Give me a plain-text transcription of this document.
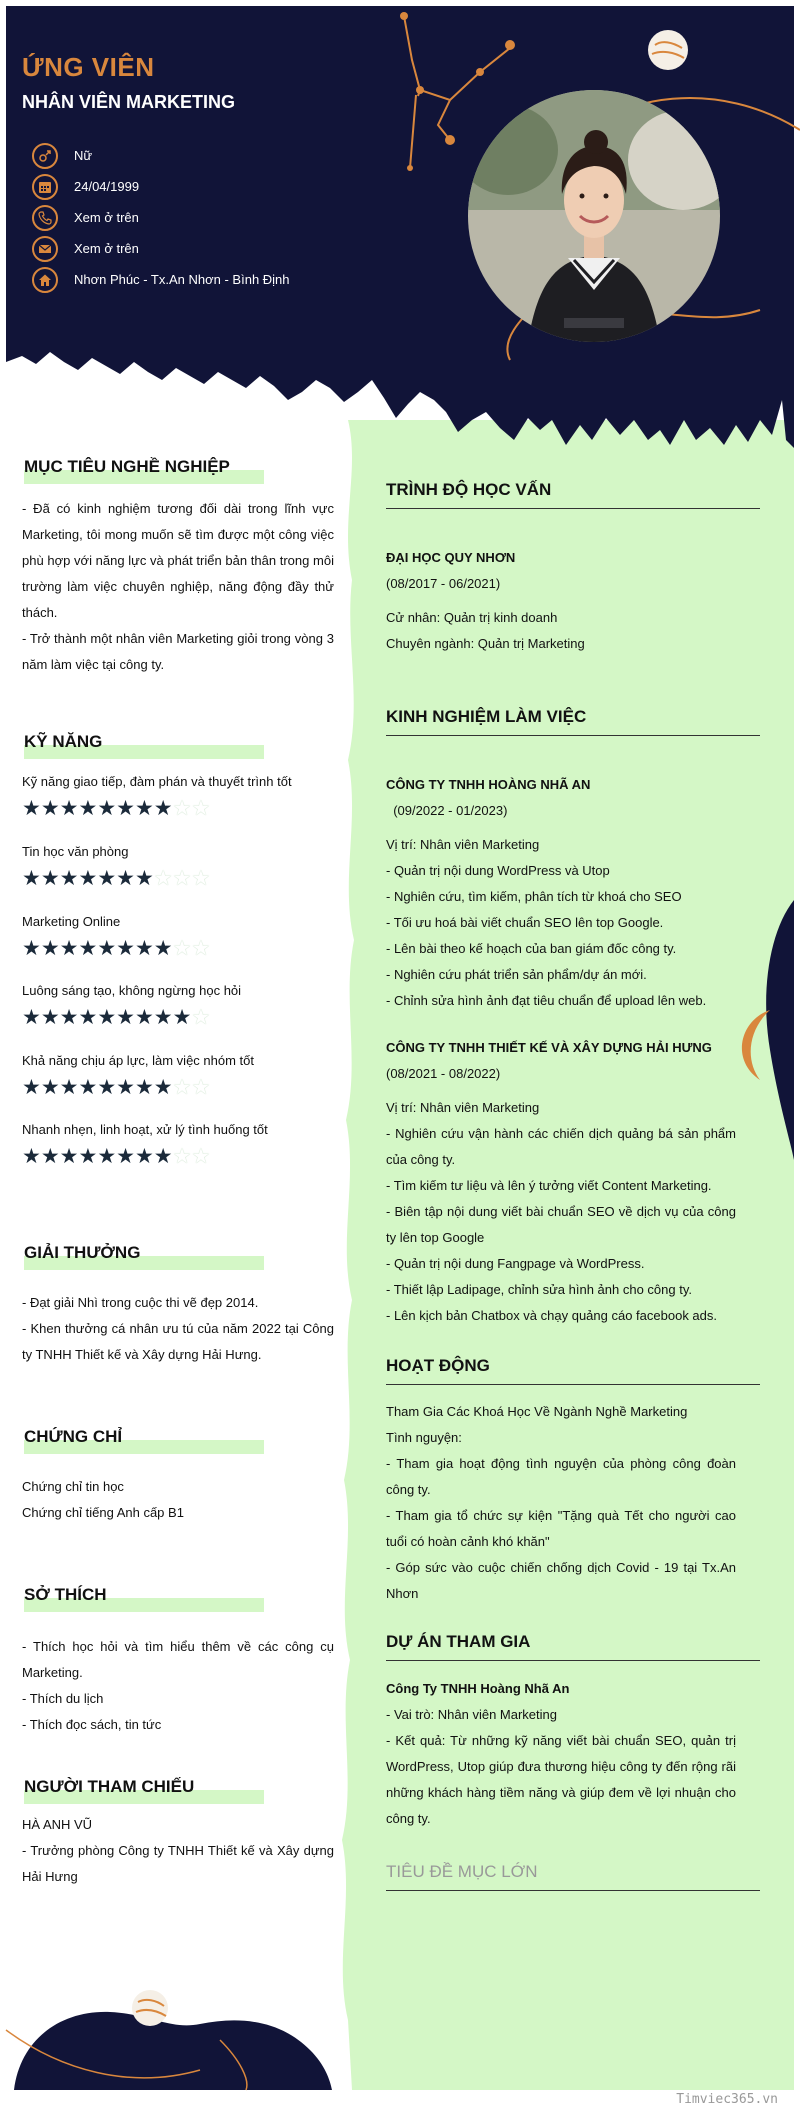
ỨNG VIÊN
NHÂN VIÊN MARKETING
Nữ
24/04/1999
Xem ở trên
Xem ở trên
Nhơn Phúc - Tx.An Nhơn - Bình Định
MỤC TIÊU NGHỀ NGHIỆP
- Đã có kinh nghiệm tương đối dài trong lĩnh vực Marketing, tôi mong muốn sẽ tìm được một công việc phù hợp với năng lực và phát triển bản thân trong môi trường làm việc chuyên nghiệp, năng động đầy thử thách.
- Trở thành một nhân viên Marketing giỏi trong vòng 3 năm làm việc tại công ty.
KỸ NĂNG
Kỹ năng giao tiếp, đàm phán và thuyết trình tốt
★ ★ ★ ★ ★ ★ ★ ★ ★ ★
Tin học văn phòng
★ ★ ★ ★ ★ ★ ★ ★ ★ ★
Marketing Online
★ ★ ★ ★ ★ ★ ★ ★ ★ ★
Luông sáng tạo, không ngừng học hỏi
★ ★ ★ ★ ★ ★ ★ ★ ★ ★
Khả năng chịu áp lực, làm việc nhóm tốt
★ ★ ★ ★ ★ ★ ★ ★ ★ ★
Nhanh nhẹn, linh hoạt, xử lý tình huống tốt
★ ★ ★ ★ ★ ★ ★ ★ ★ ★
GIẢI THƯỞNG
- Đạt giải Nhì trong cuộc thi vẽ đẹp 2014.
- Khen thưởng cá nhân ưu tú của năm 2022 tại Công ty TNHH Thiết kế và Xây dựng Hải Hưng.
CHỨNG CHỈ
Chứng chỉ tin học
Chứng chỉ tiếng Anh cấp B1
SỞ THÍCH
- Thích học hỏi và tìm hiểu thêm về các công cụ Marketing.
- Thích du lịch
- Thích đọc sách, tin tức
NGƯỜI THAM CHIẾU
HÀ ANH VŨ
- Trưởng phòng Công ty TNHH Thiết kế và Xây dựng Hải Hưng
TRÌNH ĐỘ HỌC VẤN
ĐẠI HỌC QUY NHƠN
(08/2017 - 06/2021)
Cử nhân: Quản trị kinh doanh
Chuyên ngành: Quản trị Marketing
KINH NGHIỆM LÀM VIỆC
CÔNG TY TNHH HOÀNG NHÃ AN
(09/2022 - 01/2023)
Vị trí: Nhân viên Marketing
- Quản trị nội dung WordPress và Utop
- Nghiên cứu, tìm kiếm, phân tích từ khoá cho SEO
- Tối ưu hoá bài viết chuẩn SEO lên top Google.
- Lên bài theo kế hoạch của ban giám đốc công ty.
- Nghiên cứu phát triển sản phẩm/dự án mới.
- Chỉnh sửa hình ảnh đạt tiêu chuẩn để upload lên web.
CÔNG TY TNHH THIẾT KẾ VÀ XÂY DỰNG HẢI HƯNG
(08/2021 - 08/2022)
Vị trí: Nhân viên Marketing
- Nghiên cứu vận hành các chiến dịch quảng bá sản phẩm của công ty.
- Tìm kiếm tư liệu và lên ý tưởng viết Content Marketing.
- Biên tập nội dung viết bài chuẩn SEO về dịch vụ của công ty lên top Google
- Quản trị nội dung Fangpage và WordPress.
- Thiết lập Ladipage, chỉnh sửa hình ảnh cho công ty.
- Lên kịch bản Chatbox và chạy quảng cáo facebook ads.
HOẠT ĐỘNG
Tham Gia Các Khoá Học Về Ngành Nghề Marketing
Tình nguyện:
- Tham gia hoạt động tình nguyện của phòng công đoàn công ty.
- Tham gia tổ chức sự kiện "Tặng quà Tết cho người cao tuổi có hoàn cảnh khó khăn"
- Góp sức vào cuộc chiến chống dịch Covid - 19 tại Tx.An Nhơn
DỰ ÁN THAM GIA
Công Ty TNHH Hoàng Nhã An
- Vai trò: Nhân viên Marketing
- Kết quả: Từ những kỹ năng viết bài chuẩn SEO, quản trị WordPress, Utop giúp đưa thương hiệu công ty đến rộng rãi những khách hàng tiềm năng và giúp đem về lợi nhuận cho công ty.
TIÊU ĐỀ MỤC LỚN
Timviec365.vn
